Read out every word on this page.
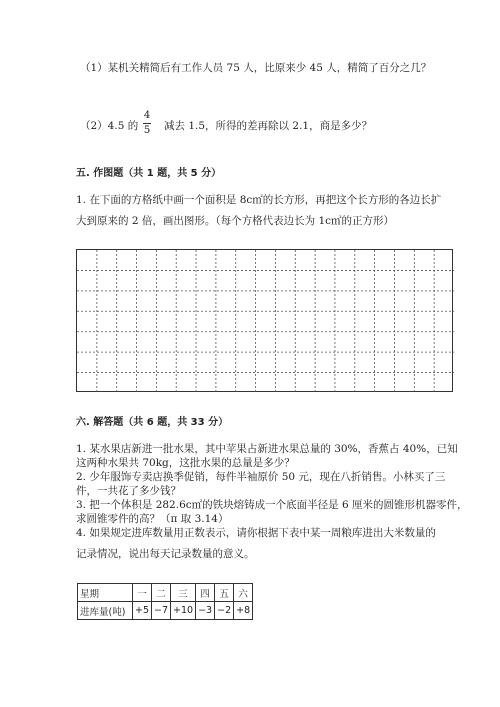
（1）某机关精简后有工作人员 75 人，比原来少 45 人，精简了百分之几？
（2）4.5 的
4
5 减去 1.5，所得的差再除以 2.1，商是多少？
五. 作图题（共 1 题，共 5 分）
1. 在下面的方格纸中画一个面积是 8c㎡的长方形，再把这个长方形的各边长扩
大到原来的 2 倍，画出图形。（每个方格代表边长为 1c㎡的正方形）
六. 解答题（共 6 题，共 33 分）
1. 某水果店新进一批水果，其中苹果占新进水果总量的 30%，香蕉占 40%，已知
这两种水果共 70kg，这批水果的总量是多少？
2. 少年服饰专卖店换季促销，每件半袖原价 50 元，现在八折销售。小林买了三
件，一共花了多少钱？
3. 把一个体积是 282.6c㎡的铁块熔铸成一个底面半径是 6 厘米的圆锥形机器零件，
求圆锥零件的高？（π 取 3.14）
4. 如果规定进库数量用正数表示，请你根据下表中某一周粮库进出大米数量的
记录情况，说出每天记录数量的意义。
星期	一	二	三	四	五	六
进库量(吨)	+5	−7	+10	−3	−2	+8
